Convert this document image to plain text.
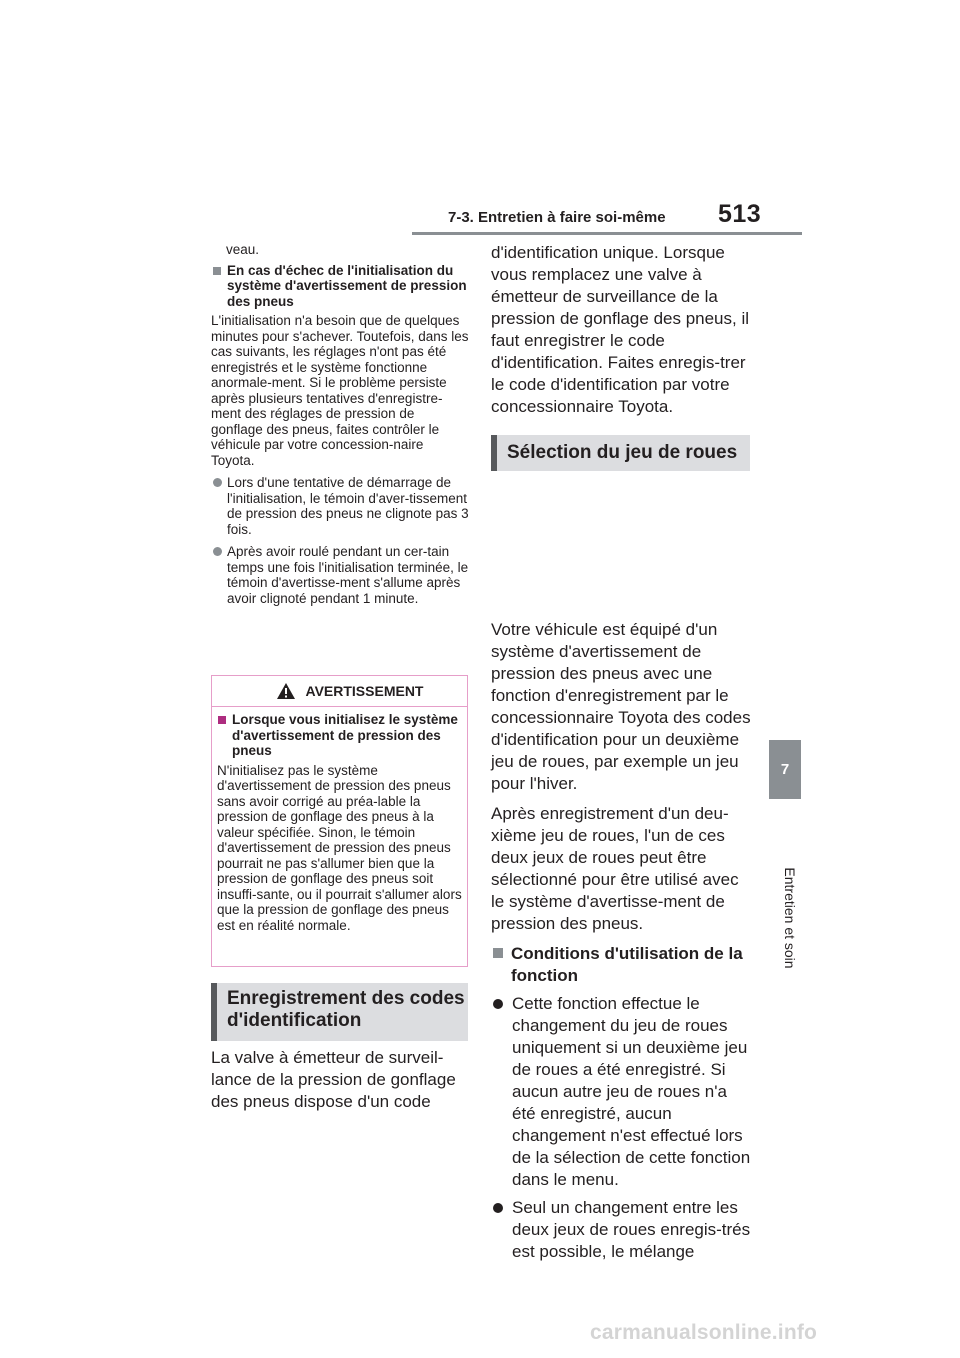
7-3. Entretien à faire soi-même 513
7
Entretien et soin

veau.

En cas d'échec de l'initialisation du système d'avertissement de pression des pneus

L'initialisation n'a besoin que de quelques minutes pour s'achever. Toutefois, dans les cas suivants, les réglages n'ont pas été enregistrés et le système fonctionne anormale-ment. Si le problème persiste après plusieurs tentatives d'enregistre-ment des réglages de pression de gonflage des pneus, faites contrôler le véhicule par votre concession-naire Toyota.

Lors d'une tentative de démarrage de l'initialisation, le témoin d'aver-tissement de pression des pneus ne clignote pas 3 fois.

Après avoir roulé pendant un cer-tain temps une fois l'initialisation terminée, le témoin d'avertisse-ment s'allume après avoir clignoté pendant 1 minute.

AVERTISSEMENT

Lorsque vous initialisez le système d'avertissement de pression des pneus

N'initialisez pas le système d'avertissement de pression des pneus sans avoir corrigé au préa-lable la pression de gonflage des pneus à la valeur spécifiée. Sinon, le témoin d'avertissement de pression des pneus pourrait ne pas s'allumer bien que la pression de gonflage des pneus soit insuffi-sante, ou il pourrait s'allumer alors que la pression de gonflage des pneus est en réalité normale.

Enregistrement des codes d'identification

La valve à émetteur de surveil-lance de la pression de gonflage des pneus dispose d'un code

d'identification unique. Lorsque vous remplacez une valve à émetteur de surveillance de la pression de gonflage des pneus, il faut enregistrer le code d'identification. Faites enregis-trer le code d'identification par votre concessionnaire Toyota.

Votre véhicule est équipé d'un système d'avertissement de pression des pneus avec une fonction d'enregistrement par le concessionnaire Toyota des codes d'identification pour un deuxième jeu de roues, par exemple un jeu pour l'hiver.

Après enregistrement d'un deu-xième jeu de roues, l'un de ces deux jeux de roues peut être sélectionné pour être utilisé avec le système d'avertisse-ment de pression des pneus.

Conditions d'utilisation de la fonction

Cette fonction effectue le changement du jeu de roues uniquement si un deuxième jeu de roues a été enregistré. Si aucun autre jeu de roues n'a été enregistré, aucun changement n'est effectué lors de la sélection de cette fonction dans le menu.

Seul un changement entre les deux jeux de roues enregis-trés est possible, le mélange

Sélection du jeu de roues
carmanualsonline.info
